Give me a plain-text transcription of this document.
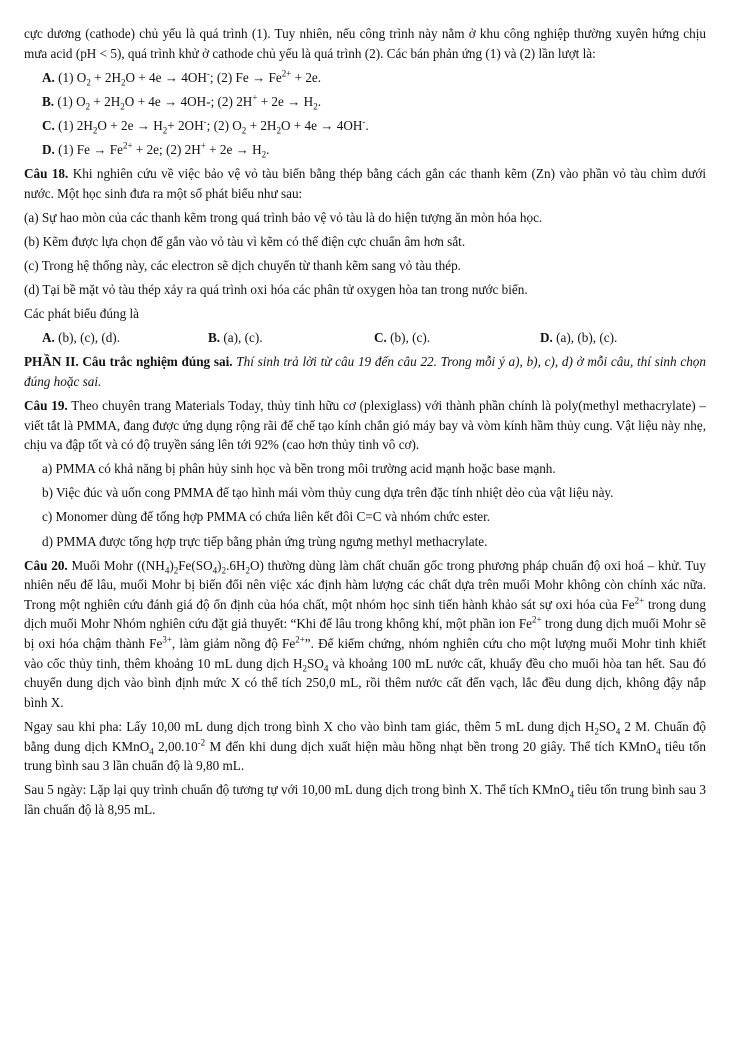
cực dương (cathode) chủ yếu là quá trình (1). Tuy nhiên, nếu công trình này nằm ở khu công nghiệp thường xuyên hứng chịu mưa acid (pH < 5), quá trình khử ở cathode chủ yếu là quá trình (2). Các bán phản ứng (1) và (2) lần lượt là:

A. (1) $O_2 + 2H_2O + 4e \to 4OH^-$; (2) $Fe \to Fe^{2+} + 2e$.
B. (1) $O_2 + 2H_2O + 4e \to 4OH-$; (2) $2H^+ + 2e \to H_2$.
C. (1) $2H_2O + 2e \to H_2+ 2OH^-$; (2) $O_2 + 2H_2O + 4e \to 4OH^-$.
D. (1) $Fe \to Fe^{2+} + 2e$; (2) $2H^+ + 2e \to H_2$.

Câu 18. Khi nghiên cứu về việc bảo vệ vỏ tàu biển bằng thép bằng cách gắn các thanh kẽm (Zn) vào phần vỏ tàu chìm dưới nước. Một học sinh đưa ra một số phát biểu như sau:

(a) Sự hao mòn của các thanh kẽm trong quá trình bảo vệ vỏ tàu là do hiện tượng ăn mòn hóa học.

(b) Kẽm được lựa chọn để gắn vào vỏ tàu vì kẽm có thế điện cực chuẩn âm hơn sắt.

(c) Trong hệ thống này, các electron sẽ dịch chuyển từ thanh kẽm sang vỏ tàu thép.

(d) Tại bề mặt vỏ tàu thép xảy ra quá trình oxi hóa các phân tử oxygen hòa tan trong nước biển.

Các phát biểu đúng là

A. (b), (c), (d).	B. (a), (c).	C. (b), (c).	D. (a), (b), (c).

PHẦN II. Câu trắc nghiệm đúng sai. Thí sinh trả lời từ câu 19 đến câu 22. Trong mỗi ý a), b), c), d) ở mỗi câu, thí sinh chọn đúng hoặc sai.

Câu 19. Theo chuyên trang Materials Today, thủy tinh hữu cơ (plexiglass) với thành phần chính là poly(methyl methacrylate) – viết tắt là PMMA, đang được ứng dụng rộng rãi để chế tạo kính chắn gió máy bay và vòm kính hầm thủy cung. Vật liệu này nhẹ, chịu va đập tốt và có độ truyền sáng lên tới 92% (cao hơn thủy tinh vô cơ).

a) PMMA có khả năng bị phân hủy sinh học và bền trong môi trường acid mạnh hoặc base mạnh.

b) Việc đúc và uốn cong PMMA để tạo hình mái vòm thủy cung dựa trên đặc tính nhiệt dẻo của vật liệu này.

c) Monomer dùng để tổng hợp PMMA có chứa liên kết đôi C=C và nhóm chức ester.

d) PMMA được tổng hợp trực tiếp bằng phản ứng trùng ngưng methyl methacrylate.

Câu 20. Muối Mohr $((NH_4)_2Fe(SO_4)_2.6H_2O)$ thường dùng làm chất chuẩn gốc trong phương pháp chuẩn độ oxi hoá – khử. Tuy nhiên nếu để lâu, muối Mohr bị biến đổi nên việc xác định hàm lượng các chất dựa trên muối Mohr không còn chính xác nữa. Trong một nghiên cứu đánh giá độ ổn định của hóa chất, một nhóm học sinh tiến hành khảo sát sự oxi hóa của $Fe^{2+}$ trong dung dịch muối Mohr Nhóm nghiên cứu đặt giả thuyết: “Khi để lâu trong không khí, một phần ion $Fe^{2+}$ trong dung dịch muối Mohr sẽ bị oxi hóa chậm thành $Fe^{3+}$, làm giảm nồng độ $Fe^{2+}$”. Để kiểm chứng, nhóm nghiên cứu cho một lượng muối Mohr tinh khiết vào cốc thủy tinh, thêm khoảng 10 mL dung dịch $H_2SO_4$ và khoảng 100 mL nước cất, khuấy đều cho muối hòa tan hết. Sau đó chuyển dung dịch vào bình định mức X có thể tích 250,0 mL, rồi thêm nước cất đến vạch, lắc đều dung dịch, không đậy nắp bình X.

Ngay sau khi pha: Lấy 10,00 mL dung dịch trong bình X cho vào bình tam giác, thêm 5 mL dung dịch $H_2SO_4$ 2 M. Chuẩn độ bằng dung dịch KMnO$_4$ $2,00.10^{-2}$ M đến khi dung dịch xuất hiện màu hồng nhạt bền trong 20 giây. Thể tích KMnO$_4$ tiêu tốn trung bình sau 3 lần chuẩn độ là 9,80 mL.

Sau 5 ngày: Lặp lại quy trình chuẩn độ tương tự với 10,00 mL dung dịch trong bình X. Thể tích KMnO$_4$ tiêu tốn trung bình sau 3 lần chuẩn độ là 8,95 mL.
